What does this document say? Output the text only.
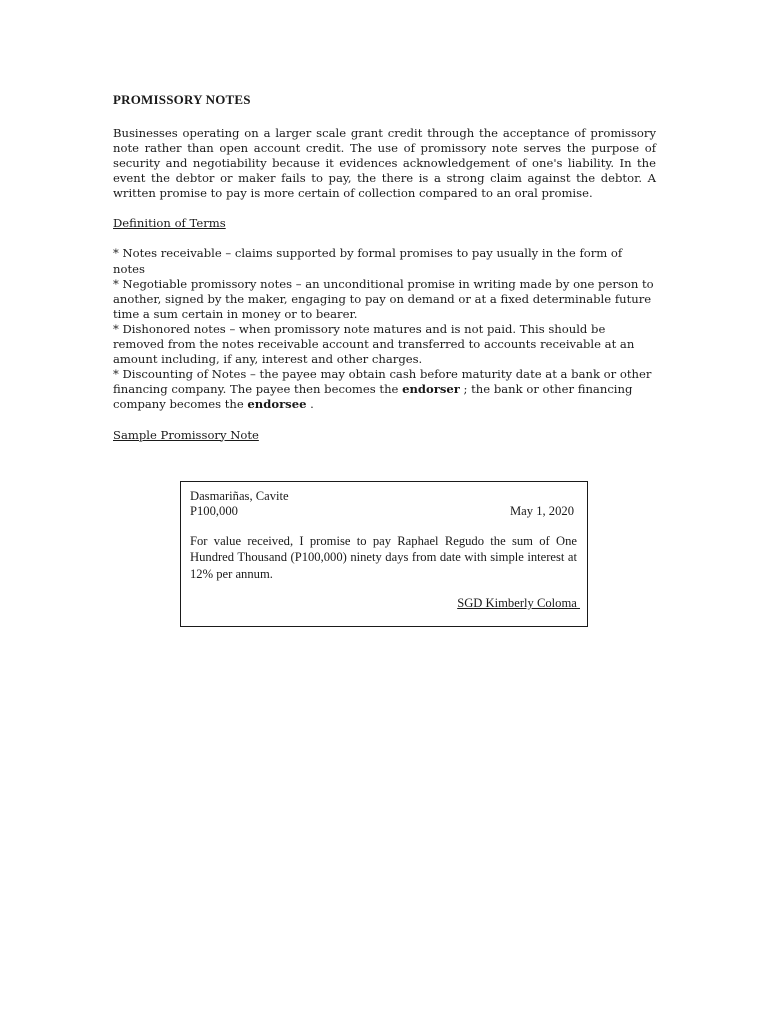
PROMISSORY NOTES

Businesses operating on a larger scale grant credit through the acceptance of promissory note rather than open account credit. The use of promissory note serves the purpose of security and negotiability because it evidences acknowledgement of one's liability. In the event the debtor or maker fails to pay, the there is a strong claim against the debtor. A written promise to pay is more certain of collection compared to an oral promise.

Definition of Terms

* Notes receivable – claims supported by formal promises to pay usually in the form of notes

* Negotiable promissory notes – an unconditional promise in writing made by one person to another, signed by the maker, engaging to pay on demand or at a fixed determinable future time a sum certain in money or to bearer.

* Dishonored notes – when promissory note matures and is not paid. This should be removed from the notes receivable account and transferred to accounts receivable at an amount including, if any, interest and other charges.

* Discounting of Notes – the payee may obtain cash before maturity date at a bank or other financing company. The payee then becomes the endorser ; the bank or other financing company becomes the endorsee .

Sample Promissory Note

Dasmariñas, Cavite
P100,000	May 1, 2020
For value received, I promise to pay Raphael Regudo the sum of One Hundred Thousand (P100,000) ninety days from date with simple interest at 12% per annum.
SGD Kimberly Coloma
